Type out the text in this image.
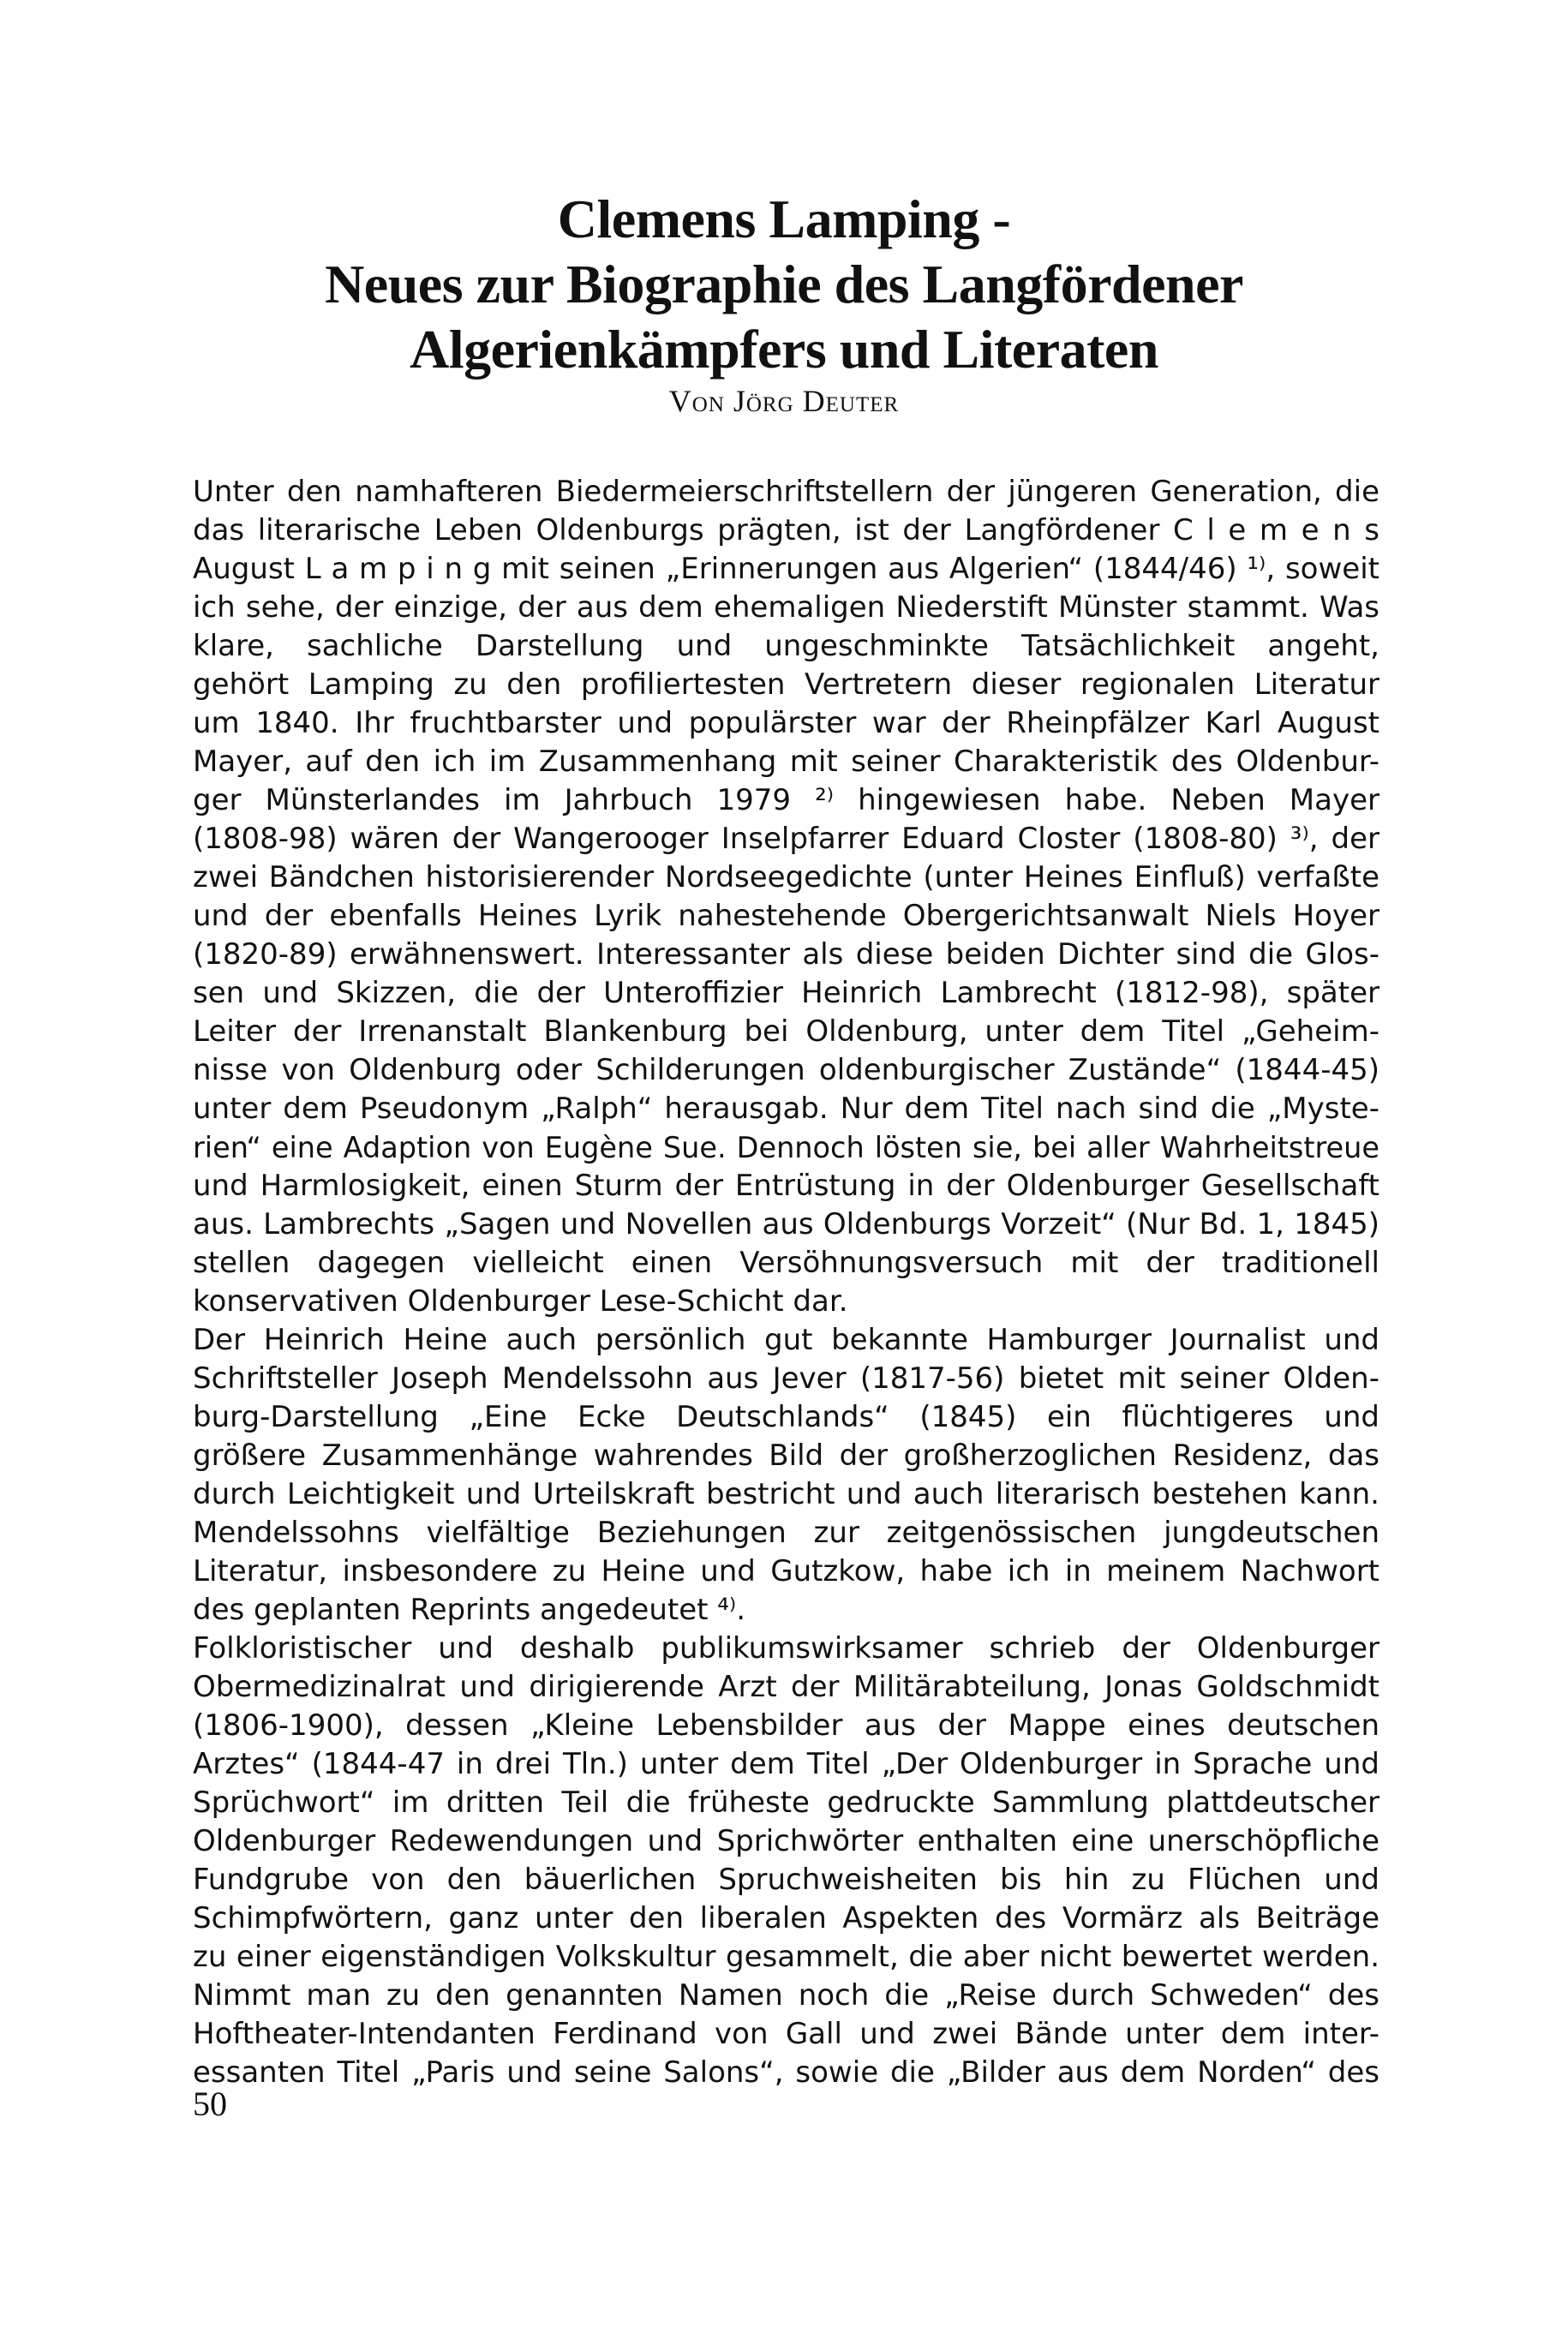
Clemens Lamping -
Neues zur Biographie des Langfördener
Algerienkämpfers und Literaten
Von Jörg Deuter
Unter den namhafteren Biedermeierschriftstellern der jüngeren Generation, die
das literarische Leben Oldenburgs prägten, ist der Langfördener C l e m e n s
August L a m p i n g mit seinen „Erinnerungen aus Algerien“ (1844/46) ¹⁾, soweit
ich sehe, der einzige, der aus dem ehemaligen Niederstift Münster stammt. Was
klare, sachliche Darstellung und ungeschminkte Tatsächlichkeit angeht,
gehört Lamping zu den profiliertesten Vertretern dieser regionalen Literatur
um 1840. Ihr fruchtbarster und populärster war der Rheinpfälzer Karl August
Mayer, auf den ich im Zusammenhang mit seiner Charakteristik des Oldenbur-
ger Münsterlandes im Jahrbuch 1979 ²⁾ hingewiesen habe. Neben Mayer
(1808-98) wären der Wangerooger Inselpfarrer Eduard Closter (1808-80) ³⁾, der
zwei Bändchen historisierender Nordseegedichte (unter Heines Einfluß) verfaßte
und der ebenfalls Heines Lyrik nahestehende Obergerichtsanwalt Niels Hoyer
(1820-89) erwähnenswert. Interessanter als diese beiden Dichter sind die Glos-
sen und Skizzen, die der Unteroffizier Heinrich Lambrecht (1812-98), später
Leiter der Irrenanstalt Blankenburg bei Oldenburg, unter dem Titel „Geheim-
nisse von Oldenburg oder Schilderungen oldenburgischer Zustände“ (1844-45)
unter dem Pseudonym „Ralph“ herausgab. Nur dem Titel nach sind die „Myste-
rien“ eine Adaption von Eugène Sue. Dennoch lösten sie, bei aller Wahrheitstreue
und Harmlosigkeit, einen Sturm der Entrüstung in der Oldenburger Gesellschaft
aus. Lambrechts „Sagen und Novellen aus Oldenburgs Vorzeit“ (Nur Bd. 1, 1845)
stellen dagegen vielleicht einen Versöhnungsversuch mit der traditionell
konservativen Oldenburger Lese-Schicht dar.
Der Heinrich Heine auch persönlich gut bekannte Hamburger Journalist und
Schriftsteller Joseph Mendelssohn aus Jever (1817-56) bietet mit seiner Olden-
burg-Darstellung „Eine Ecke Deutschlands“ (1845) ein flüchtigeres und
größere Zusammenhänge wahrendes Bild der großherzoglichen Residenz, das
durch Leichtigkeit und Urteilskraft bestricht und auch literarisch bestehen kann.
Mendelssohns vielfältige Beziehungen zur zeitgenössischen jungdeutschen
Literatur, insbesondere zu Heine und Gutzkow, habe ich in meinem Nachwort
des geplanten Reprints angedeutet ⁴⁾.
Folkloristischer und deshalb publikumswirksamer schrieb der Oldenburger
Obermedizinalrat und dirigierende Arzt der Militärabteilung, Jonas Goldschmidt
(1806-1900), dessen „Kleine Lebensbilder aus der Mappe eines deutschen
Arztes“ (1844-47 in drei Tln.) unter dem Titel „Der Oldenburger in Sprache und
Sprüchwort“ im dritten Teil die früheste gedruckte Sammlung plattdeutscher
Oldenburger Redewendungen und Sprichwörter enthalten eine unerschöpfliche
Fundgrube von den bäuerlichen Spruchweisheiten bis hin zu Flüchen und
Schimpfwörtern, ganz unter den liberalen Aspekten des Vormärz als Beiträge
zu einer eigenständigen Volkskultur gesammelt, die aber nicht bewertet werden.
Nimmt man zu den genannten Namen noch die „Reise durch Schweden“ des
Hoftheater-Intendanten Ferdinand von Gall und zwei Bände unter dem inter-
essanten Titel „Paris und seine Salons“, sowie die „Bilder aus dem Norden“ des
50
